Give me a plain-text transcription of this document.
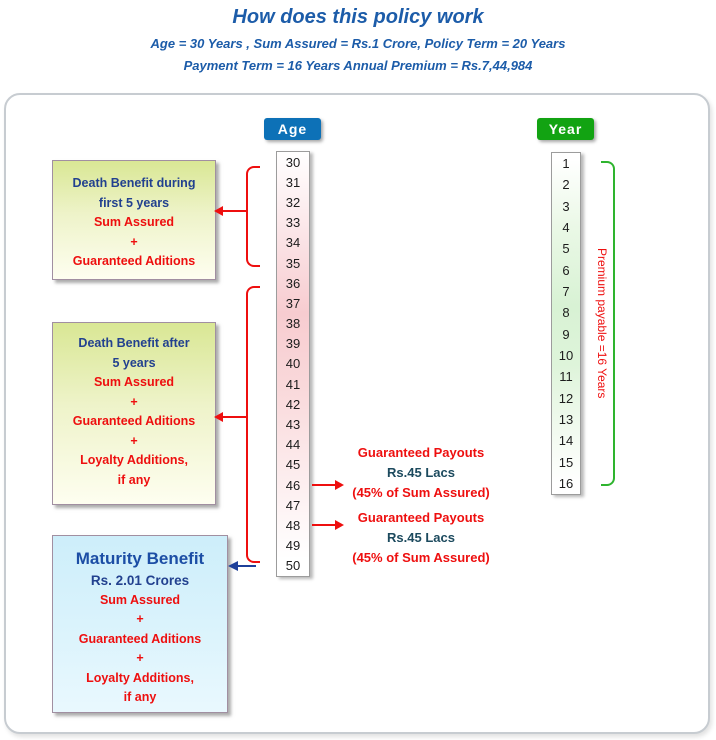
How does this policy work
Age = 30 Years , Sum Assured = Rs.1 Crore, Policy Term = 20 Years
Payment Term = 16 Years Annual Premium = Rs.7,44,984
Age	Year
30
31
32
33
34
35
36
37
38
39
40
41
42
43
44
45
46
47
48
49
50
1
2
3
4
5
6
7
8
9
10
11
12
13
14
15
16
Death Benefit during
first 5 years
Sum Assured
+
Guaranteed Aditions
Death Benefit after
5 years
Sum Assured
+
Guaranteed Aditions
+
Loyalty Additions,
if any
Maturity Benefit
Rs. 2.01 Crores
Sum Assured
+
Guaranteed Aditions
+
Loyalty Additions,
if any
Guaranteed Payouts
Rs.45 Lacs
(45% of Sum Assured)
Guaranteed Payouts
Rs.45 Lacs
(45% of Sum Assured)
Premium payable =16 Years
